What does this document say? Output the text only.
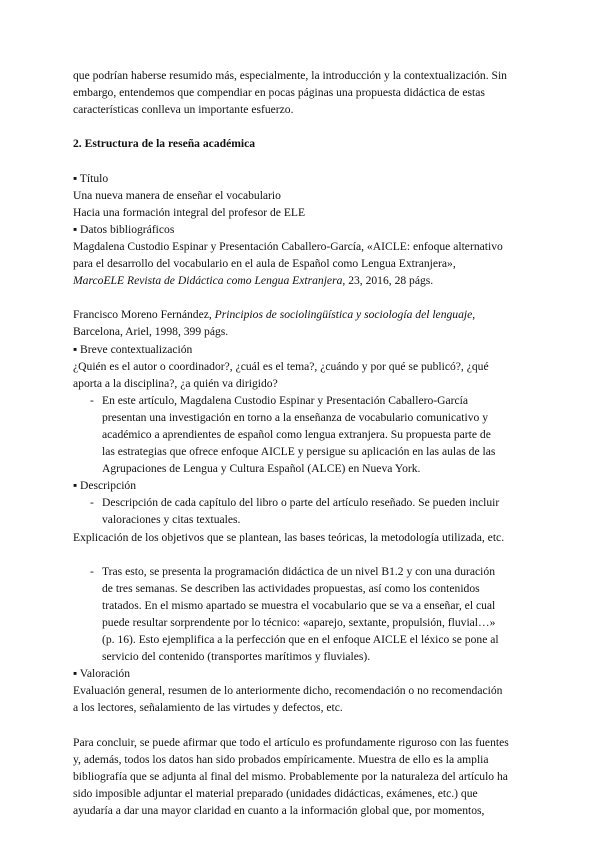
que podrían haberse resumido más, especialmente, la introducción y la contextualización. Sin

embargo, entendemos que compendiar en pocas páginas una propuesta didáctica de estas

características conlleva un importante esfuerzo.

2. Estructura de la reseña académica

▪ Título

Una nueva manera de enseñar el vocabulario

Hacia una formación integral del profesor de ELE

▪ Datos bibliográficos

Magdalena Custodio Espinar y Presentación Caballero-García, «AICLE: enfoque alternativo

para el desarrollo del vocabulario en el aula de Español como Lengua Extranjera»,

MarcoELE Revista de Didáctica como Lengua Extranjera, 23, 2016, 28 págs.

Francisco Moreno Fernández, Principios de sociolingüística y sociología del lenguaje,

Barcelona, Ariel, 1998, 399 págs.

▪ Breve contextualización

¿Quién es el autor o coordinador?, ¿cuál es el tema?, ¿cuándo y por qué se publicó?, ¿qué

aporta a la disciplina?, ¿a quién va dirigido?

- En este artículo, Magdalena Custodio Espinar y Presentación Caballero-García

presentan una investigación en torno a la enseñanza de vocabulario comunicativo y

académico a aprendientes de español como lengua extranjera. Su propuesta parte de

las estrategias que ofrece enfoque AICLE y persigue su aplicación en las aulas de las

Agrupaciones de Lengua y Cultura Español (ALCE) en Nueva York.

▪ Descripción

- Descripción de cada capítulo del libro o parte del artículo reseñado. Se pueden incluir

valoraciones y citas textuales.

Explicación de los objetivos que se plantean, las bases teóricas, la metodología utilizada, etc.

- Tras esto, se presenta la programación didáctica de un nivel B1.2 y con una duración

de tres semanas. Se describen las actividades propuestas, así como los contenidos

tratados. En el mismo apartado se muestra el vocabulario que se va a enseñar, el cual

puede resultar sorprendente por lo técnico: «aparejo, sextante, propulsión, fluvial…»

(p. 16). Esto ejemplifica a la perfección que en el enfoque AICLE el léxico se pone al

servicio del contenido (transportes marítimos y fluviales).

▪ Valoración

Evaluación general, resumen de lo anteriormente dicho, recomendación o no recomendación

a los lectores, señalamiento de las virtudes y defectos, etc.

Para concluir, se puede afirmar que todo el artículo es profundamente riguroso con las fuentes

y, además, todos los datos han sido probados empíricamente. Muestra de ello es la amplia

bibliografía que se adjunta al final del mismo. Probablemente por la naturaleza del artículo ha

sido imposible adjuntar el material preparado (unidades didácticas, exámenes, etc.) que

ayudaría a dar una mayor claridad en cuanto a la información global que, por momentos,
